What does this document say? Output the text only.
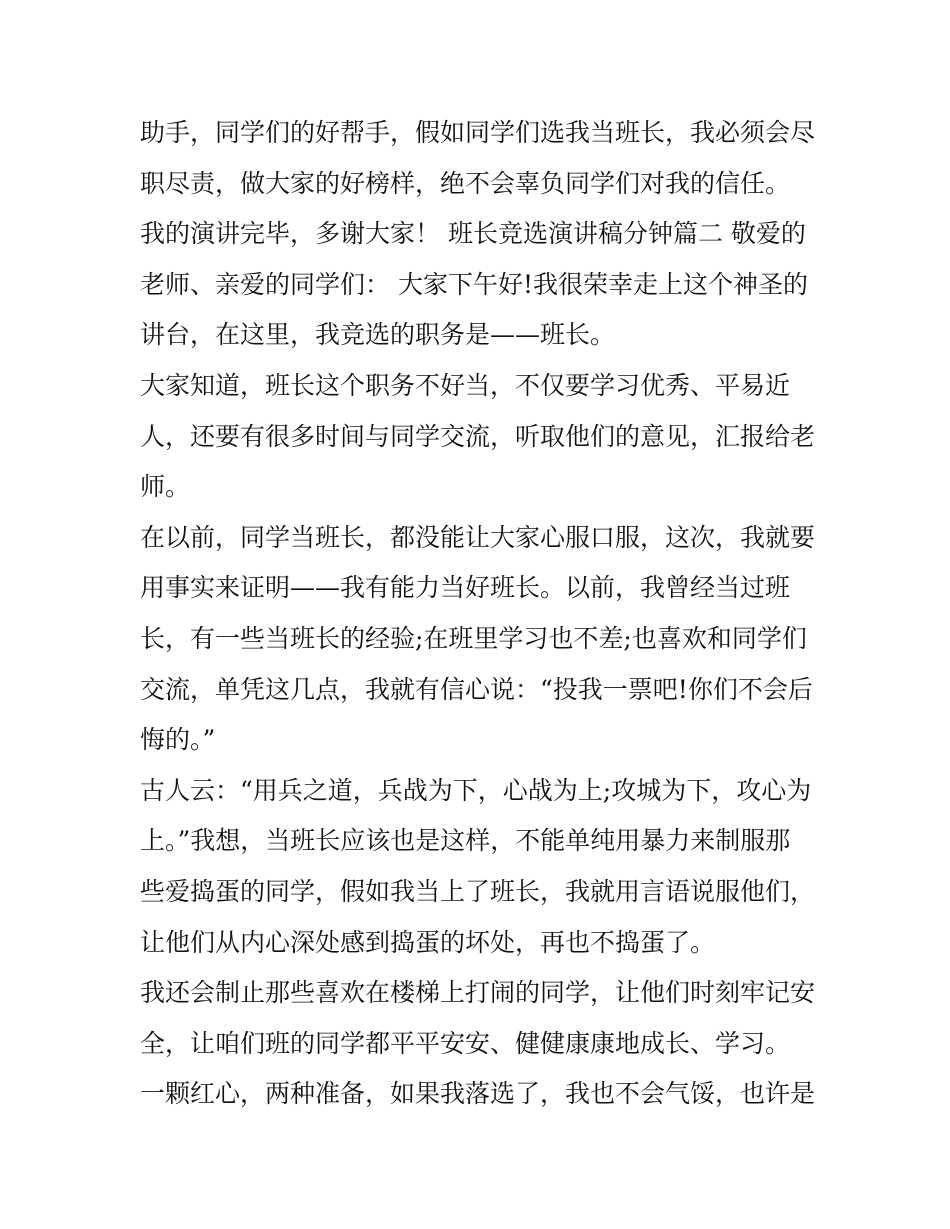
助手，同学们的好帮手，假如同学们选我当班长，我必须会尽
职尽责，做大家的好榜样，绝不会辜负同学们对我的信任。
我的演讲完毕，多谢大家！ 班长竞选演讲稿分钟篇二 敬爱的
老师、亲爱的同学们： 大家下午好!我很荣幸走上这个神圣的
讲台，在这里，我竞选的职务是——班长。
大家知道，班长这个职务不好当，不仅要学习优秀、平易近
人，还要有很多时间与同学交流，听取他们的意见，汇报给老
师。
在以前，同学当班长，都没能让大家心服口服，这次，我就要
用事实来证明——我有能力当好班长。以前，我曾经当过班
长，有一些当班长的经验;在班里学习也不差;也喜欢和同学们
交流，单凭这几点，我就有信心说：“投我一票吧!你们不会后
悔的。”
古人云：“用兵之道，兵战为下，心战为上;攻城为下，攻心为
上。”我想，当班长应该也是这样，不能单纯用暴力来制服那
些爱捣蛋的同学，假如我当上了班长，我就用言语说服他们，
让他们从内心深处感到捣蛋的坏处，再也不捣蛋了。
我还会制止那些喜欢在楼梯上打闹的同学，让他们时刻牢记安
全，让咱们班的同学都平平安安、健健康康地成长、学习。
一颗红心，两种准备，如果我落选了，我也不会气馁，也许是
